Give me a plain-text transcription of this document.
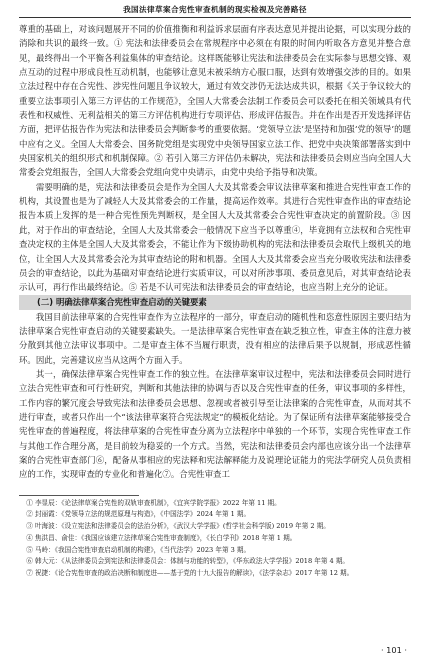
我国法律草案合宪性审查机制的现实检视及完善路径

尊重的基础上，对该问题展开不同的价值推衡和利益诉求层面有序表达意见并提出论据，可以实现分歧的消除和共识的最终一致。① 宪法和法律委员会在常规程序中必须在有限的时间内听取各方意见并整合意见，最终得出一个平衡各利益集体的审查结论。这样既能够让宪法和法律委员会在实际参与思想交锋、观点互动的过程中形成良性互动机制，也能够让意见未被采纳方心服口服，达到有效增强交涉的目的。如果立法过程中存在合宪性、涉宪性问题且争议较大，通过有效交涉仍无法达成共识，根据《关于争议较大的重要立法事项引入第三方评估的工作规范》，全国人大常委会法制工作委员会可以委托在相关领域具有代表性和权威性、无利益相关的第三方评估机构进行专项评估、形成评估报告。并在作出是否开发选择评估方面，把评估报告作为宪法和法律委员会判断参考的重要依据。‘党领导立法’是坚持和加强‘党的领导’的题中应有之义。全国人大常委会、国务院党组是实现党中央领导国家立法工作、把党中央决策部署落实到中央国家机关的组织形式和机制保障。② 若引入第三方评估仍未解决，宪法和法律委员会则应当向全国人大常委会党组报告，全国人大常委会党组向党中央请示，由党中央给予指导和决策。

需要明确的是，宪法和法律委员会是作为全国人大及其常委会审议法律草案和推进合宪性审查工作的机构，其设置也是为了减轻人大及其常委会的工作量，提高运作效率。其进行合宪性审查作出的审查结论报告本质上发挥的是一种合宪性预先判断权，是全国人大及其常委会合宪性审查决定的前置阶段。③ 因此，对于作出的审查结论，全国人大及其常委会一般情况下应当予以尊重④，毕竟拥有立法权和合宪性审查决定权的主体是全国人大及其常委会，不能让作为下级协助机构的宪法和法律委员会取代上级机关的地位，让全国人大及其常委会沦为其审查结论的附和机器。全国人大及其常委会应当充分吸收宪法和法律委员会的审查结论，以此为基础对审查结论进行实质审议，可以对所涉事项、委员意见后，对其审查结论表示认可，再行作出最终结论。⑤ 若是不认可宪法和法律委员会的审查结论，也应当附上充分的论证。

(二) 明确法律草案合宪性审查启动的关键要素

我国目前法律草案的合宪性审查作为立法程序的一部分，审查启动的随机性和恣意性原因主要归结为法律草案合宪性审查启动的关键要素缺失。一是法律草案合宪性审查在缺乏独立性，审查主体的注意力被分散到其他立法审议事项中。二是审查主体不当履行职责，没有相应的法律后果予以规制，形成恶性循环。因此，完善建议应当从这两个方面入手。

其一，确保法律草案合宪性审查工作的独立性。在法律草案审议过程中，宪法和法律委员会同时进行立法合宪性审查和可行性研究，判断和其他法律的协调与否以及合宪性审查的任务，审议事项的多样性，工作内容的繁冗度会导致宪法和法律委员会思想、忽视或者被引导至让法律案的合宪性审查，从而对其不进行审查，或者只作出一个“该法律草案符合宪法规定”的模板化结论。为了保证所有法律草案能够接受合宪性审查的普遍程度，将法律草案的合宪性审查分离为立法程序中单独的一个环节，实现合宪性审查工作与其他工作合理分离，是目前较为稳妥的一个方式。当然，宪法和法律委员会内部也应该分出一个法律草案的合宪性审查部门⑥，配备从事相应的宪法释和宪法解释能力及说理论证能力的宪法学研究人员负责相应的工作，实现审查的专业化和普遍化⑦。合宪性审查工

① 李显辰：《论法律草案合宪性的双轨审查机制》，《宜宾学院学报》2022 年第 11 期。
② 封丽霞：《党领导立法的规范原理与构造》，《中国法学》2024 年第 1 期。
③ 叶海波：《设立宪法和法律委员会的法治分析》，《武汉大学学报》(哲学社会科学版) 2019 年第 2 期。
④ 焦洪昌、俞佳：《我国应该建立法律草案合宪性审查制度》，《长白学刊》2018 年第 1 期。
⑤ 马岭：《我国合宪性审查启动机制的构建》，《当代法学》2023 年第 3 期。
⑥ 韩大元：《从法律委员会到宪法和法律委员会：体制与功能的转型》，《华东政法大学学报》2018 年第 4 期。
⑦ 祝捷：《论合宪性审查的政治决断和制度进——基于党的十九大报告的解读》，《法学杂志》2017 年第 12 期。
· 101 ·
